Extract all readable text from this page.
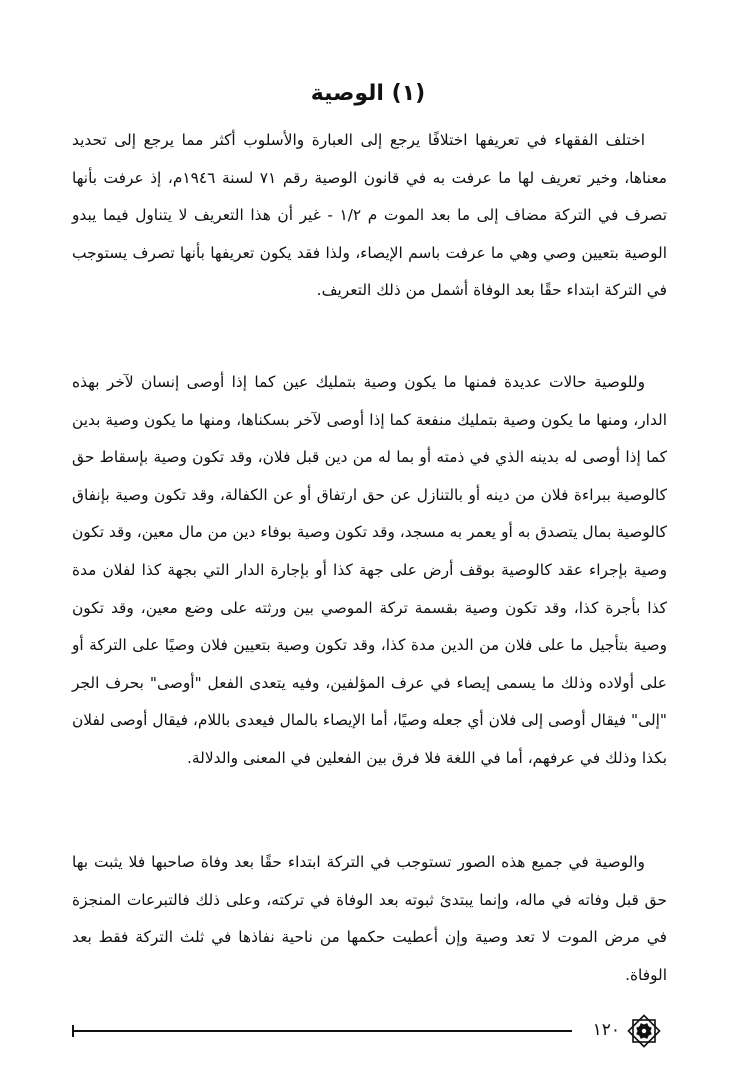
(١) الوصية

اختلف الفقهاء في تعريفها اختلافًا يرجع إلى العبارة والأسلوب أكثر مما يرجع إلى تحديد معناها، وخير تعريف لها ما عرفت به في قانون الوصية رقم ٧١ لسنة ١٩٤٦م، إذ عرفت بأنها تصرف في التركة مضاف إلى ما بعد الموت م ١/٢ - غير أن هذا التعريف لا يتناول فيما يبدو الوصية بتعيين وصي وهي ما عرفت باسم الإيصاء، ولذا فقد يكون تعريفها بأنها تصرف يستوجب في التركة ابتداء حقًا بعد الوفاة أشمل من ذلك التعريف.

وللوصية حالات عديدة فمنها ما يكون وصية بتمليك عين كما إذا أوصى إنسان لآخر بهذه الدار، ومنها ما يكون وصية بتمليك منفعة كما إذا أوصى لآخر بسكناها، ومنها ما يكون وصية بدين كما إذا أوصى له بدينه الذي في ذمته أو بما له من دين قبل فلان، وقد تكون وصية بإسقاط حق كالوصية ببراءة فلان من دينه أو بالتنازل عن حق ارتفاق أو عن الكفالة، وقد تكون وصية بإنفاق كالوصية بمال يتصدق به أو يعمر به مسجد، وقد تكون وصية بوفاء دين من مال معين، وقد تكون وصية بإجراء عقد كالوصية بوقف أرض على جهة كذا أو بإجارة الدار التي بجهة كذا لفلان مدة كذا بأجرة كذا، وقد تكون وصية بقسمة تركة الموصي بين ورثته على وضع معين، وقد تكون وصية بتأجيل ما على فلان من الدين مدة كذا، وقد تكون وصية بتعيين فلان وصيًا على التركة أو على أولاده وذلك ما يسمى إيصاء في عرف المؤلفين، وفيه يتعدى الفعل "أوصى" بحرف الجر "إلى" فيقال أوصى إلى فلان أي جعله وصيًا، أما الإيصاء بالمال فيعدى باللام، فيقال أوصى لفلان بكذا وذلك في عرفهم، أما في اللغة فلا فرق بين الفعلين في المعنى والدلالة.

والوصية في جميع هذه الصور تستوجب في التركة ابتداء حقًا بعد وفاة صاحبها فلا يثبت بها حق قبل وفاته في ماله، وإنما يبتدئ ثبوته بعد الوفاة في تركته، وعلى ذلك فالتبرعات المنجزة في مرض الموت لا تعد وصية وإن أعطيت حكمها من ناحية نفاذها في ثلث التركة فقط بعد الوفاة.

١٢٠
